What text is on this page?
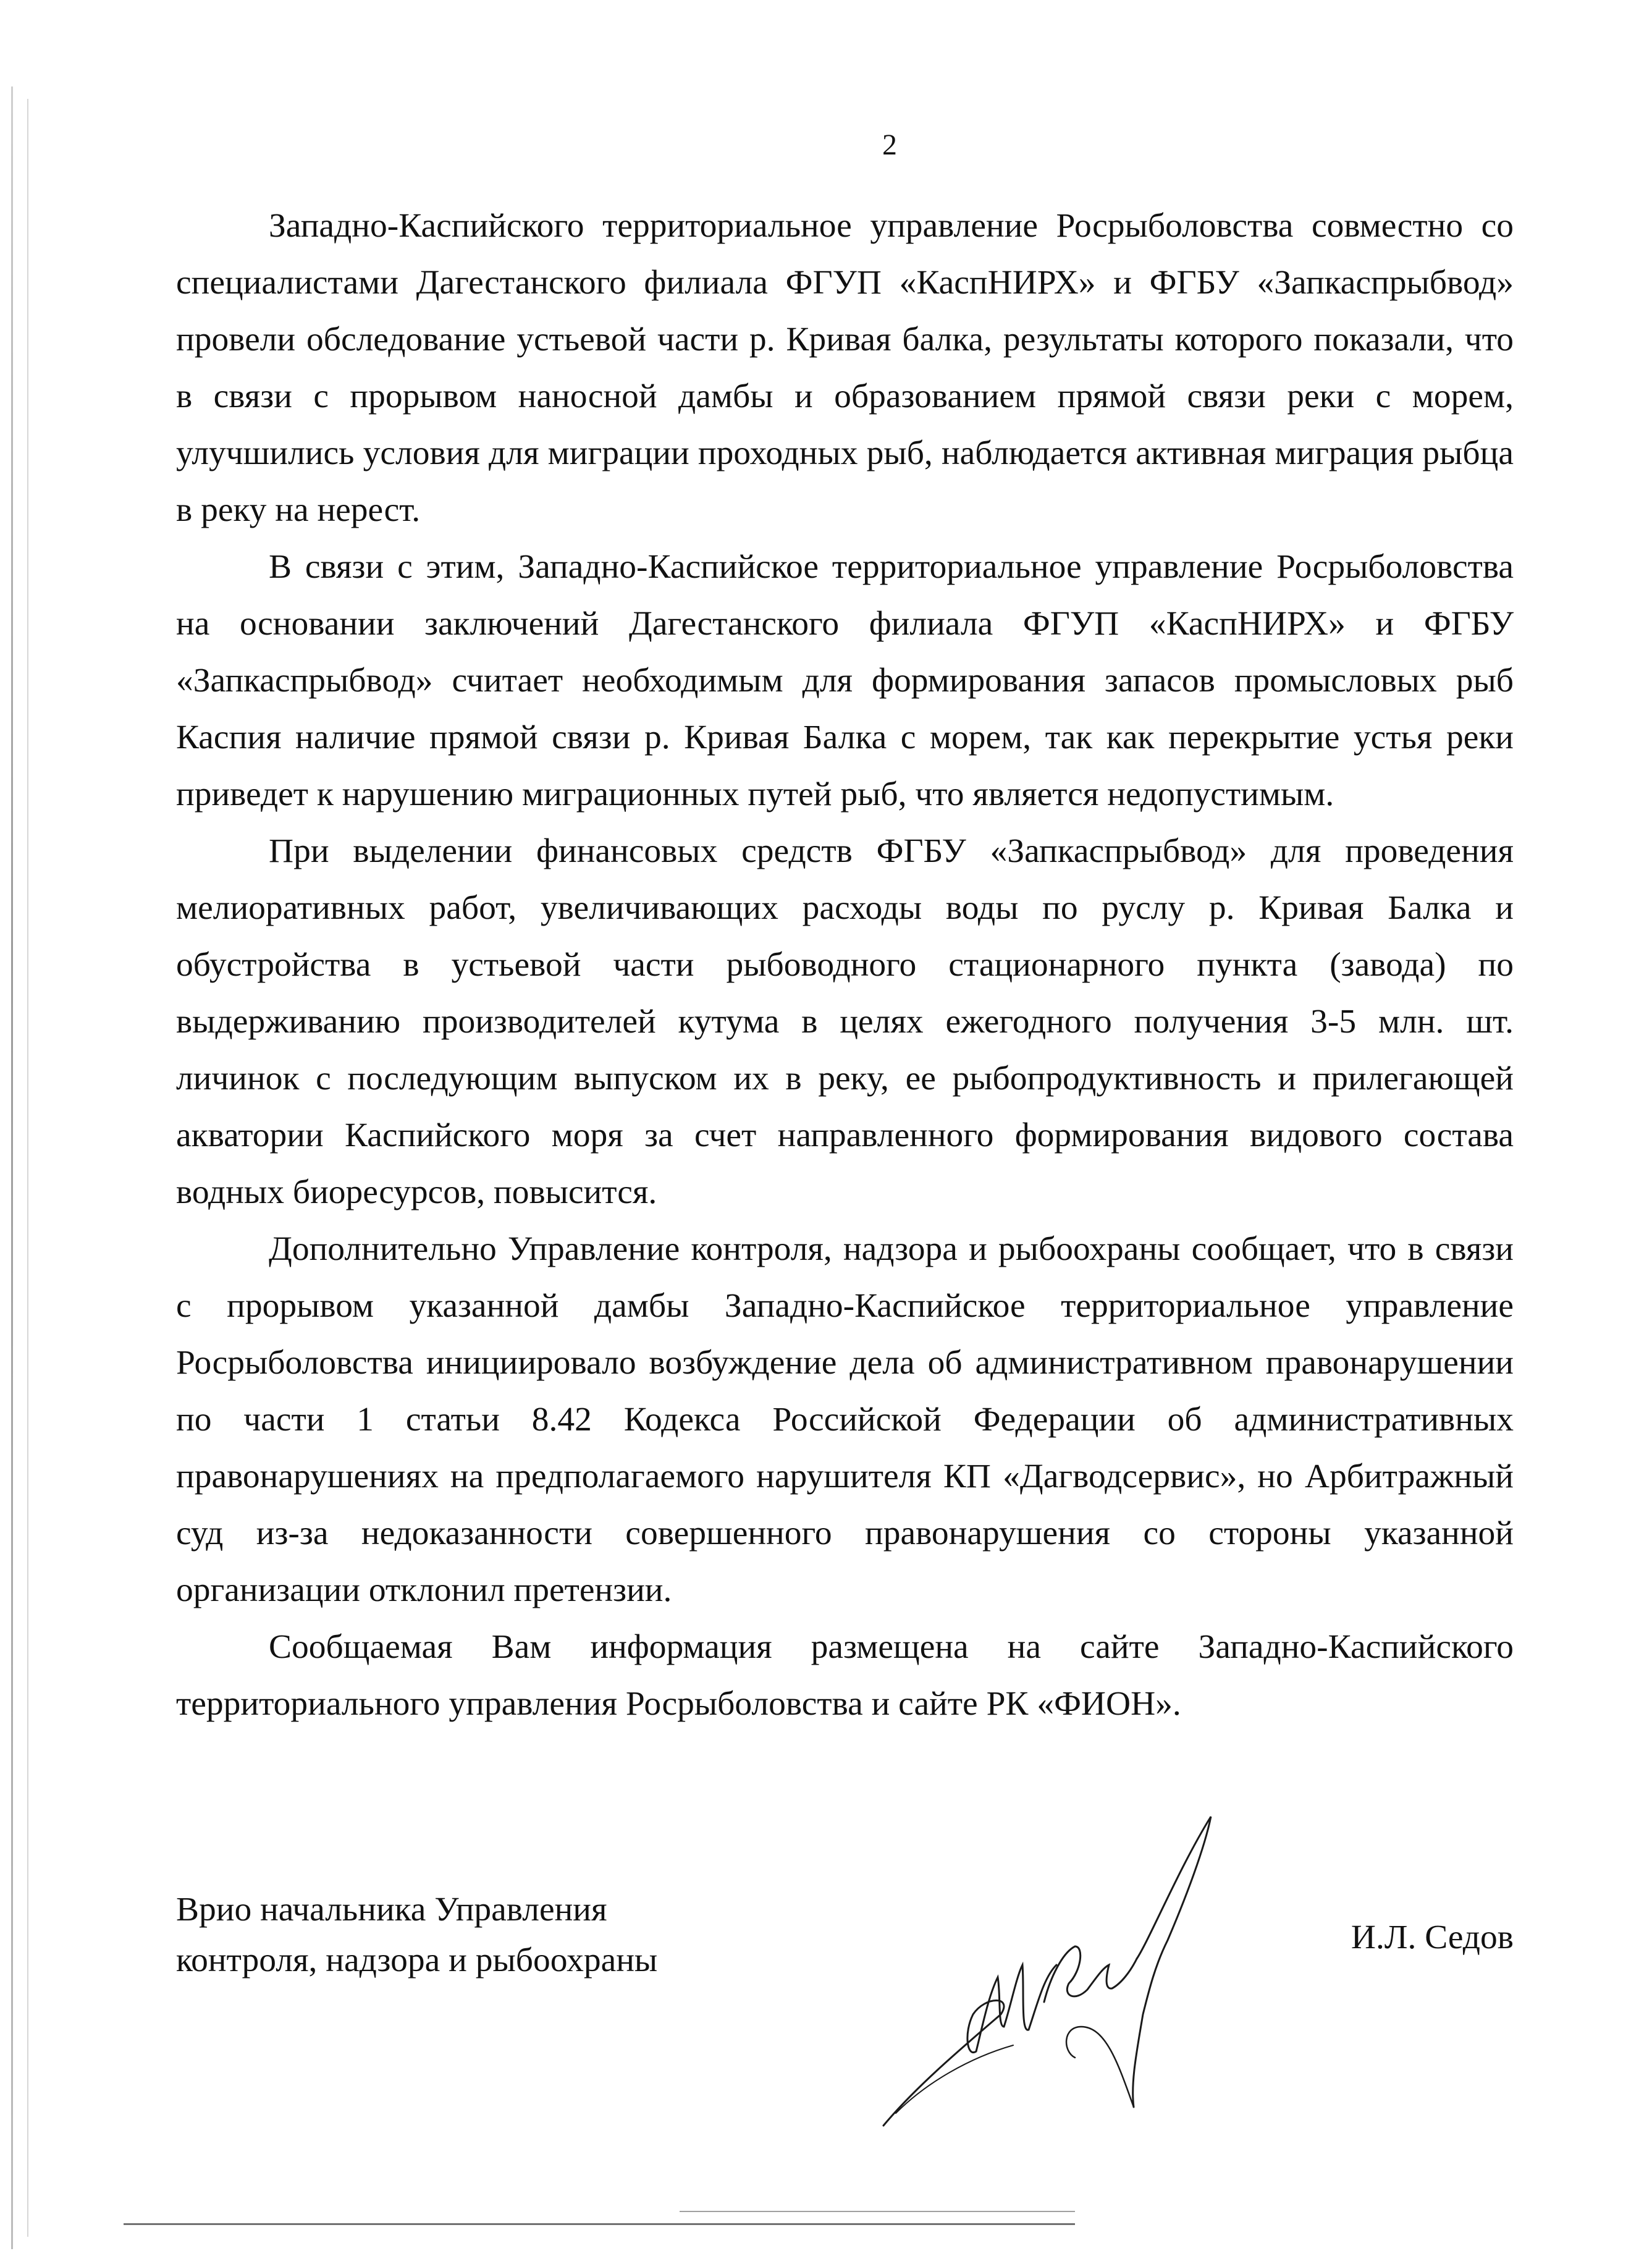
2

Западно-Каспийского территориальное управление Росрыболовства совместно со специалистами Дагестанского филиала ФГУП «КаспНИРХ» и ФГБУ «Запкаспрыбвод» провели обследование устьевой части р. Кривая балка, результаты которого показали, что в связи с прорывом наносной дамбы и образованием прямой связи реки с морем, улучшились условия для миграции проходных рыб, наблюдается активная миграция рыбца в реку на нерест.

В связи с этим, Западно-Каспийское территориальное управление Росрыболовства на основании заключений Дагестанского филиала ФГУП «КаспНИРХ» и ФГБУ «Запкаспрыбвод» считает необходимым для формирования запасов промысловых рыб Каспия наличие прямой связи р. Кривая Балка с морем, так как перекрытие устья реки приведет к нарушению миграционных путей рыб, что является недопустимым.

При выделении финансовых средств ФГБУ «Запкаспрыбвод» для проведения мелиоративных работ, увеличивающих расходы воды по руслу р. Кривая Балка и обустройства в устьевой части рыбоводного стационарного пункта (завода) по выдерживанию производителей кутума в целях ежегодного получения 3-5 млн. шт. личинок с последующим выпуском их в реку, ее рыбопродуктивность и прилегающей акватории Каспийского моря за счет направленного формирования видового состава водных биоресурсов, повысится.

Дополнительно Управление контроля, надзора и рыбоохраны сообщает, что в связи с прорывом указанной дамбы Западно-Каспийское территориальное управление Росрыболовства инициировало возбуждение дела об административном правонарушении по части 1 статьи 8.42 Кодекса Российской Федерации об административных правонарушениях на предполагаемого нарушителя КП «Дагводсервис», но Арбитражный суд из-за недоказанности совершенного правонарушения со стороны указанной организации отклонил претензии.

Сообщаемая Вам информация размещена на сайте Западно-Каспийского территориального управления Росрыболовства и сайте РК «ФИОН».

Врио начальника Управления
контроля, надзора и рыбоохраны
И.Л. Седов
